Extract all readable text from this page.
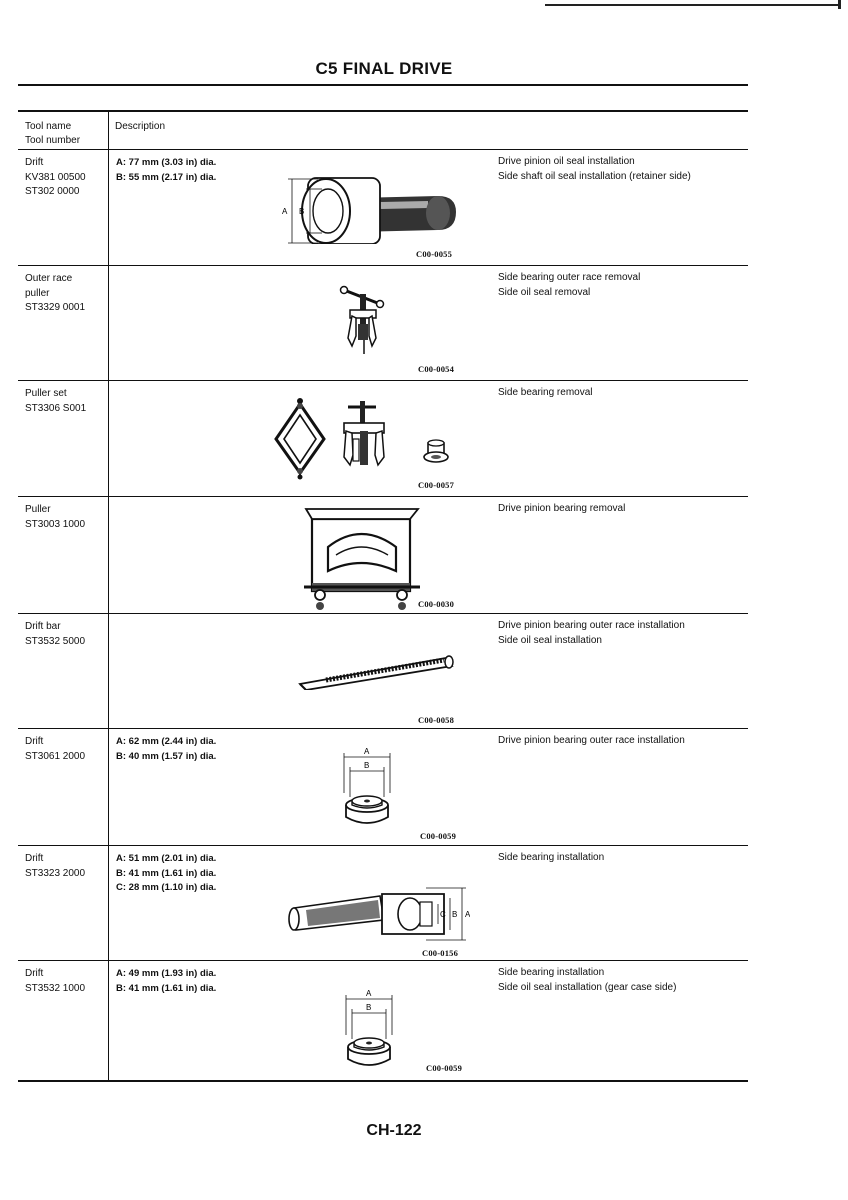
C5 FINAL DRIVE
Tool name
Tool number
Description
Drift
KV381 00500
ST302 0000
A: 77 mm (3.03 in) dia.
B: 55 mm (2.17 in) dia.
Drive pinion oil seal installation
Side shaft oil seal installation (retainer side)
A B
C00-0055
Outer race
puller
ST3329 0001
Side bearing outer race removal
Side oil seal removal
C00-0054
Puller set
ST3306 S001
Side bearing removal
C00-0057
Puller
ST3003 1000
Drive pinion bearing removal
C00-0030
Drift bar
ST3532 5000
Drive pinion bearing outer race installation
Side oil seal installation
C00-0058
Drift
ST3061 2000
A: 62 mm (2.44 in) dia.
B: 40 mm (1.57 in) dia.
Drive pinion bearing outer race installation
A
B
C00-0059
Drift
ST3323 2000
A: 51 mm (2.01 in) dia.
B: 41 mm (1.61 in) dia.
C: 28 mm (1.10 in) dia.
Side bearing installation
A
B
C
C00-0156
Drift
ST3532 1000
A: 49 mm (1.93 in) dia.
B: 41 mm (1.61 in) dia.
Side bearing installation
Side oil seal installation (gear case side)
A
B
C00-0059
CH-122
